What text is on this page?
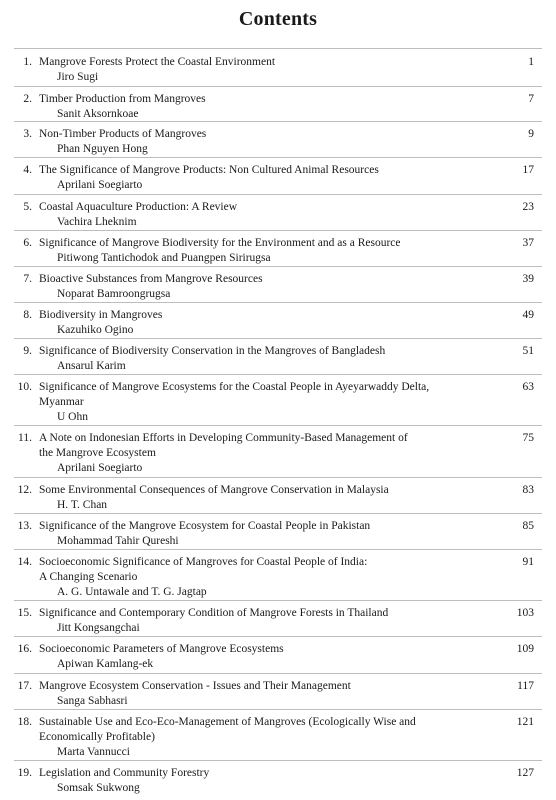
Contents
1. Mangrove Forests Protect the Coastal Environment
Jiro Sugi
1
2. Timber Production from Mangroves
Sanit Aksornkoae
7
3. Non-Timber Products of Mangroves
Phan Nguyen Hong
9
4. The Significance of Mangrove Products: Non Cultured Animal Resources
Aprilani Soegiarto
17
5. Coastal Aquaculture Production: A Review
Vachira Lheknim
23
6. Significance of Mangrove Biodiversity for the Environment and as a Resource
Pitiwong Tantichodok and Puangpen Sirirugsa
37
7. Bioactive Substances from Mangrove Resources
Noparat Bamroongrugsa
39
8. Biodiversity in Mangroves
Kazuhiko Ogino
49
9. Significance of Biodiversity Conservation in the Mangroves of Bangladesh
Ansarul Karim
51
10. Significance of Mangrove Ecosystems for the Coastal People in Ayeyarwaddy Delta,
Myanmar
U Ohn
63
11. A Note on Indonesian Efforts in Developing Community-Based Management of
the Mangrove Ecosystem
Aprilani Soegiarto
75
12. Some Environmental Consequences of Mangrove Conservation in Malaysia
H. T. Chan
83
13. Significance of the Mangrove Ecosystem for Coastal People in Pakistan
Mohammad Tahir Qureshi
85
14. Socioeconomic Significance of Mangroves for Coastal People of India:
A Changing Scenario
A. G. Untawale and T. G. Jagtap
91
15. Significance and Contemporary Condition of Mangrove Forests in Thailand
Jitt Kongsangchai
103
16. Socioeconomic Parameters of Mangrove Ecosystems
Apiwan Kamlang-ek
109
17. Mangrove Ecosystem Conservation - Issues and Their Management
Sanga Sabhasri
117
18. Sustainable Use and Eco-Eco-Management of Mangroves (Ecologically Wise and
Economically Profitable)
Marta Vannucci
121
19. Legislation and Community Forestry
Somsak Sukwong
127
